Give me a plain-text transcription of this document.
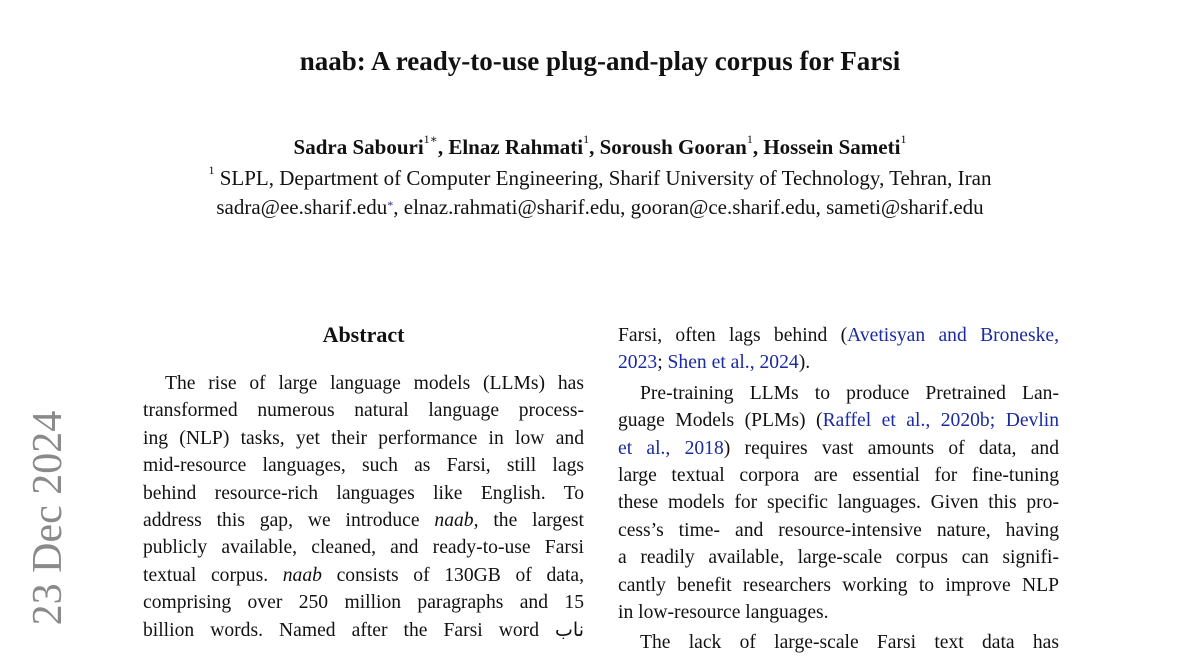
naab: A ready-to-use plug-and-play corpus for Farsi
Sadra Sabouri$^{1∗}$, Elnaz Rahmati$^1$, Soroush Gooran$^1$, Hossein Sameti$^1$
$^1$ SLPL, Department of Computer Engineering, Sharif University of Technology, Tehran, Iran
sadra@ee.sharif.edu*, elnaz.rahmati@sharif.edu, gooran@ce.sharif.edu, sameti@sharif.edu
23 Dec 2024
Abstract
The rise of large language models (LLMs) has
transformed numerous natural language process-
ing (NLP) tasks, yet their performance in low and
mid-resource languages, such as Farsi, still lags
behind resource-rich languages like English. To
address this gap, we introduce naab, the largest
publicly available, cleaned, and ready-to-use Farsi
textual corpus. naab consists of 130GB of data,
comprising over 250 million paragraphs and 15
billion words. Named after the Farsi word ناب
Farsi, often lags behind (Avetisyan and Broneske,
2023; Shen et al., 2024).
Pre-training LLMs to produce Pretrained Lan-
guage Models (PLMs) (Raffel et al., 2020b; Devlin
et al., 2018) requires vast amounts of data, and
large textual corpora are essential for fine-tuning
these models for specific languages. Given this pro-
cess’s time- and resource-intensive nature, having
a readily available, large-scale corpus can signifi-
cantly benefit researchers working to improve NLP
in low-resource languages.
The lack of large-scale Farsi text data has
